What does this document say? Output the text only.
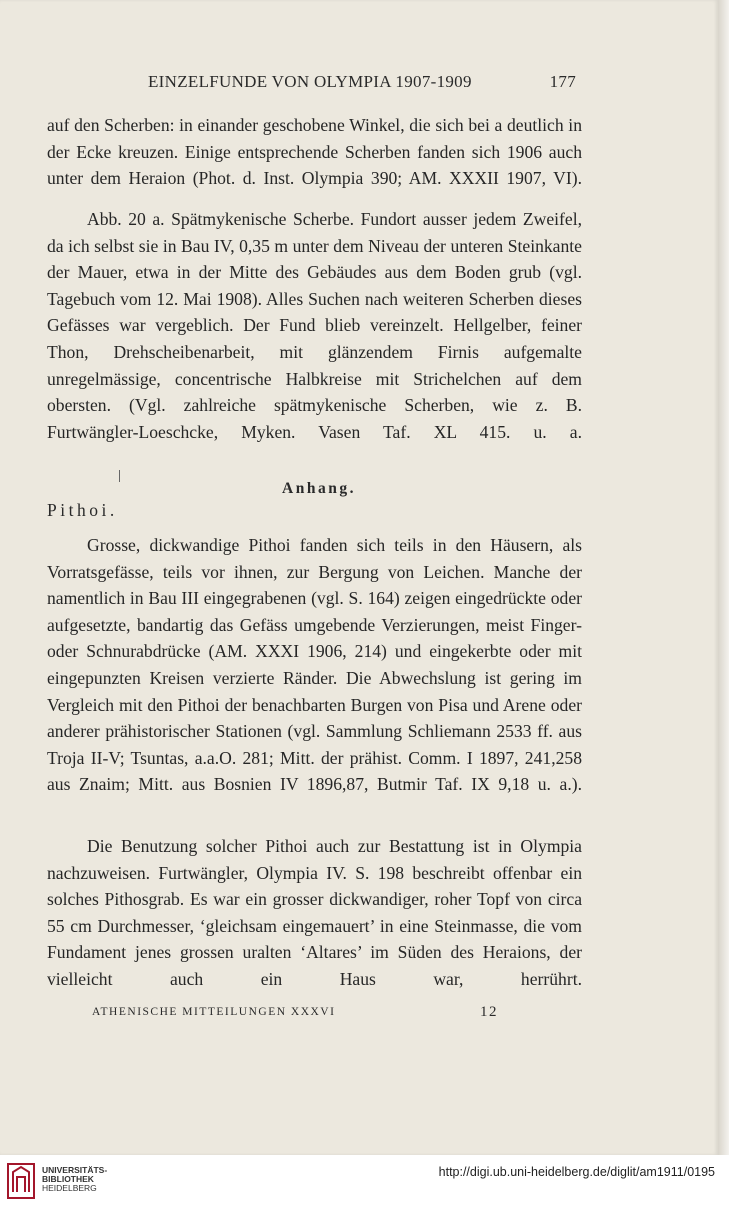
EINZELFUNDE VON OLYMPIA 1907-1909	177

auf den Scherben: in einander geschobene Winkel, die sich bei a deutlich in der Ecke kreuzen. Einige entsprechende Scherben fanden sich 1906 auch unter dem Heraion (Phot. d. Inst. Olympia 390; AM. XXXII 1907, VI).

Abb. 20 a. Spätmykenische Scherbe. Fundort ausser jedem Zweifel, da ich selbst sie in Bau IV, 0,35 m unter dem Niveau der unteren Steinkante der Mauer, etwa in der Mitte des Gebäudes aus dem Boden grub (vgl. Tagebuch vom 12. Mai 1908). Alles Suchen nach weiteren Scherben dieses Gefässes war vergeblich. Der Fund blieb vereinzelt. Hellgelber, feiner Thon, Drehscheibenarbeit, mit glänzendem Firnis aufgemalte unregelmässige, concentrische Halbkreise mit Strichelchen auf dem obersten. (Vgl. zahlreiche spätmykenische Scherben, wie z. B. Furtwängler-Loeschcke, Myken. Vasen Taf. XL 415. u. a.

Anhang.
Pithoi.

Grosse, dickwandige Pithoi fanden sich teils in den Häusern, als Vorratsgefässe, teils vor ihnen, zur Bergung von Leichen. Manche der namentlich in Bau III eingegrabenen (vgl. S. 164) zeigen eingedrückte oder aufgesetzte, bandartig das Gefäss umgebende Verzierungen, meist Finger- oder Schnurabdrücke (AM. XXXI 1906, 214) und eingekerbte oder mit eingepunzten Kreisen verzierte Ränder. Die Abwechslung ist gering im Vergleich mit den Pithoi der benachbarten Burgen von Pisa und Arene oder anderer prähistorischer Stationen (vgl. Sammlung Schliemann 2533 ff. aus Troja II-V; Tsuntas, a.a.O. 281; Mitt. der prähist. Comm. I 1897, 241,258 aus Znaim; Mitt. aus Bosnien IV 1896,87, Butmir Taf. IX 9,18 u. a.).

Die Benutzung solcher Pithoi auch zur Bestattung ist in Olympia nachzuweisen. Furtwängler, Olympia IV. S. 198 beschreibt offenbar ein solches Pithosgrab. Es war ein grosser dickwandiger, roher Topf von circa 55 cm Durchmesser, ‘gleichsam eingemauert’ in eine Steinmasse, die vom Fundament jenes grossen uralten ‘Altares’ im Süden des Heraions, der vielleicht auch ein Haus war, herrührt.

ATHENISCHE MITTEILUNGEN XXXVI	12
UNIVERSITÄTS-
BIBLIOTHEK
HEIDELBERG
http://digi.ub.uni-heidelberg.de/diglit/am1911/0195
